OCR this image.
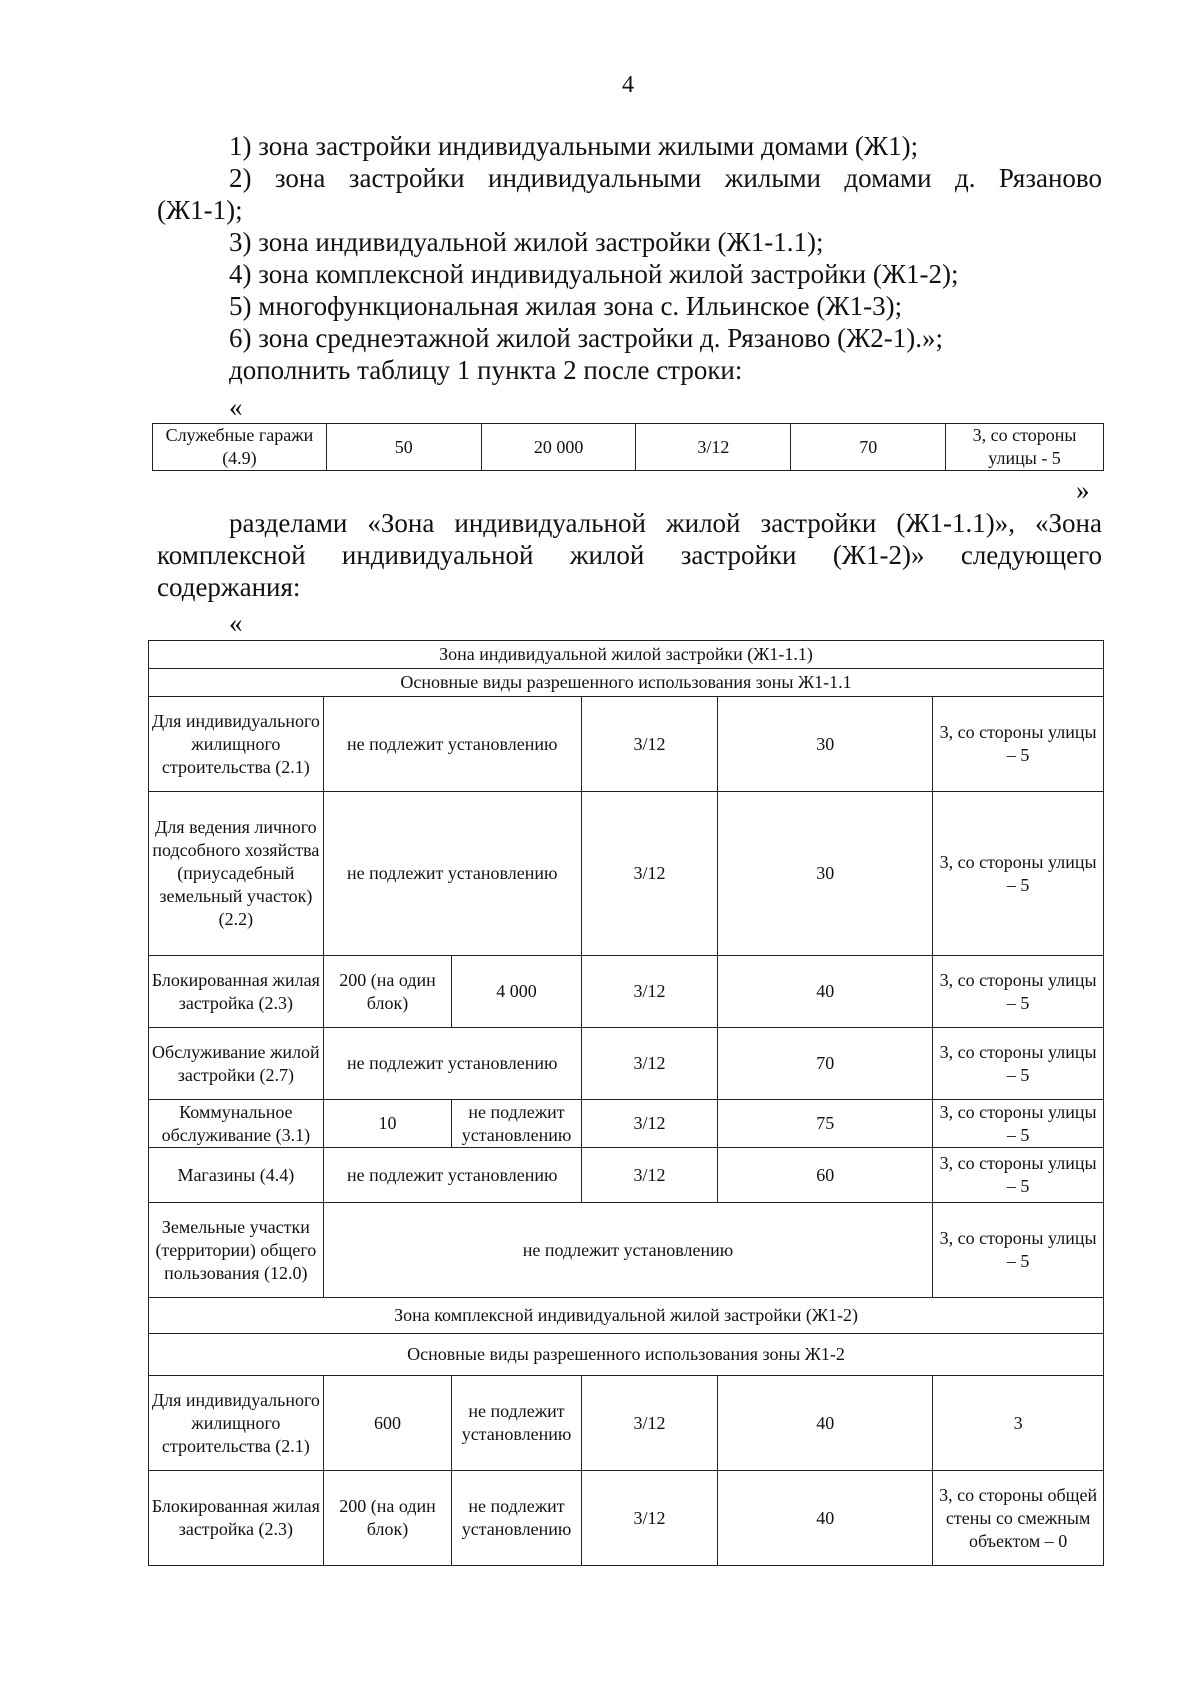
4

1) зона застройки индивидуальными жилыми домами (Ж1);

2) зона застройки индивидуальными жилыми домами д. Рязаново

(Ж1-1);

3) зона индивидуальной жилой застройки (Ж1-1.1);

4) зона комплексной индивидуальной жилой застройки (Ж1-2);

5) многофункциональная жилая зона с. Ильинское (Ж1-3);

6) зона среднеэтажной жилой застройки д. Рязаново (Ж2-1).»;

дополнить таблицу 1 пункта 2 после строки:

«
Служебные гаражи (4.9)	50	20 000	3/12	70	3, со стороны улицы - 5
»

разделами «Зона индивидуальной жилой застройки (Ж1-1.1)», «Зона

комплексной индивидуальной жилой застройки (Ж1-2)» следующего

содержания:

«
Зона индивидуальной жилой застройки (Ж1-1.1)					
Основные виды разрешенного использования зоны Ж1-1.1					
Для индивидуального жилищного строительства (2.1)	не подлежит установлению		3/12	30	3, со стороны улицы – 5
Для ведения личного подсобного хозяйства (приусадебный земельный участок) (2.2)	не подлежит установлению		3/12	30	3, со стороны улицы – 5
Блокированная жилая застройка (2.3)	200 (на один блок)	4 000	3/12	40	3, со стороны улицы – 5
Обслуживание жилой застройки (2.7)	не подлежит установлению		3/12	70	3, со стороны улицы – 5
Коммунальное обслуживание (3.1)	10	не подлежит установлению	3/12	75	3, со стороны улицы – 5
Магазины (4.4)	не подлежит установлению		3/12	60	3, со стороны улицы – 5
Земельные участки (территории) общего пользования (12.0)	не подлежит установлению				3, со стороны улицы – 5
Зона комплексной индивидуальной жилой застройки (Ж1-2)					
Основные виды разрешенного использования зоны Ж1-2					
Для индивидуального жилищного строительства (2.1)	600	не подлежит установлению	3/12	40	3
Блокированная жилая застройка (2.3)	200 (на один блок)	не подлежит установлению	3/12	40	3, со стороны общей стены со смежным объектом – 0
